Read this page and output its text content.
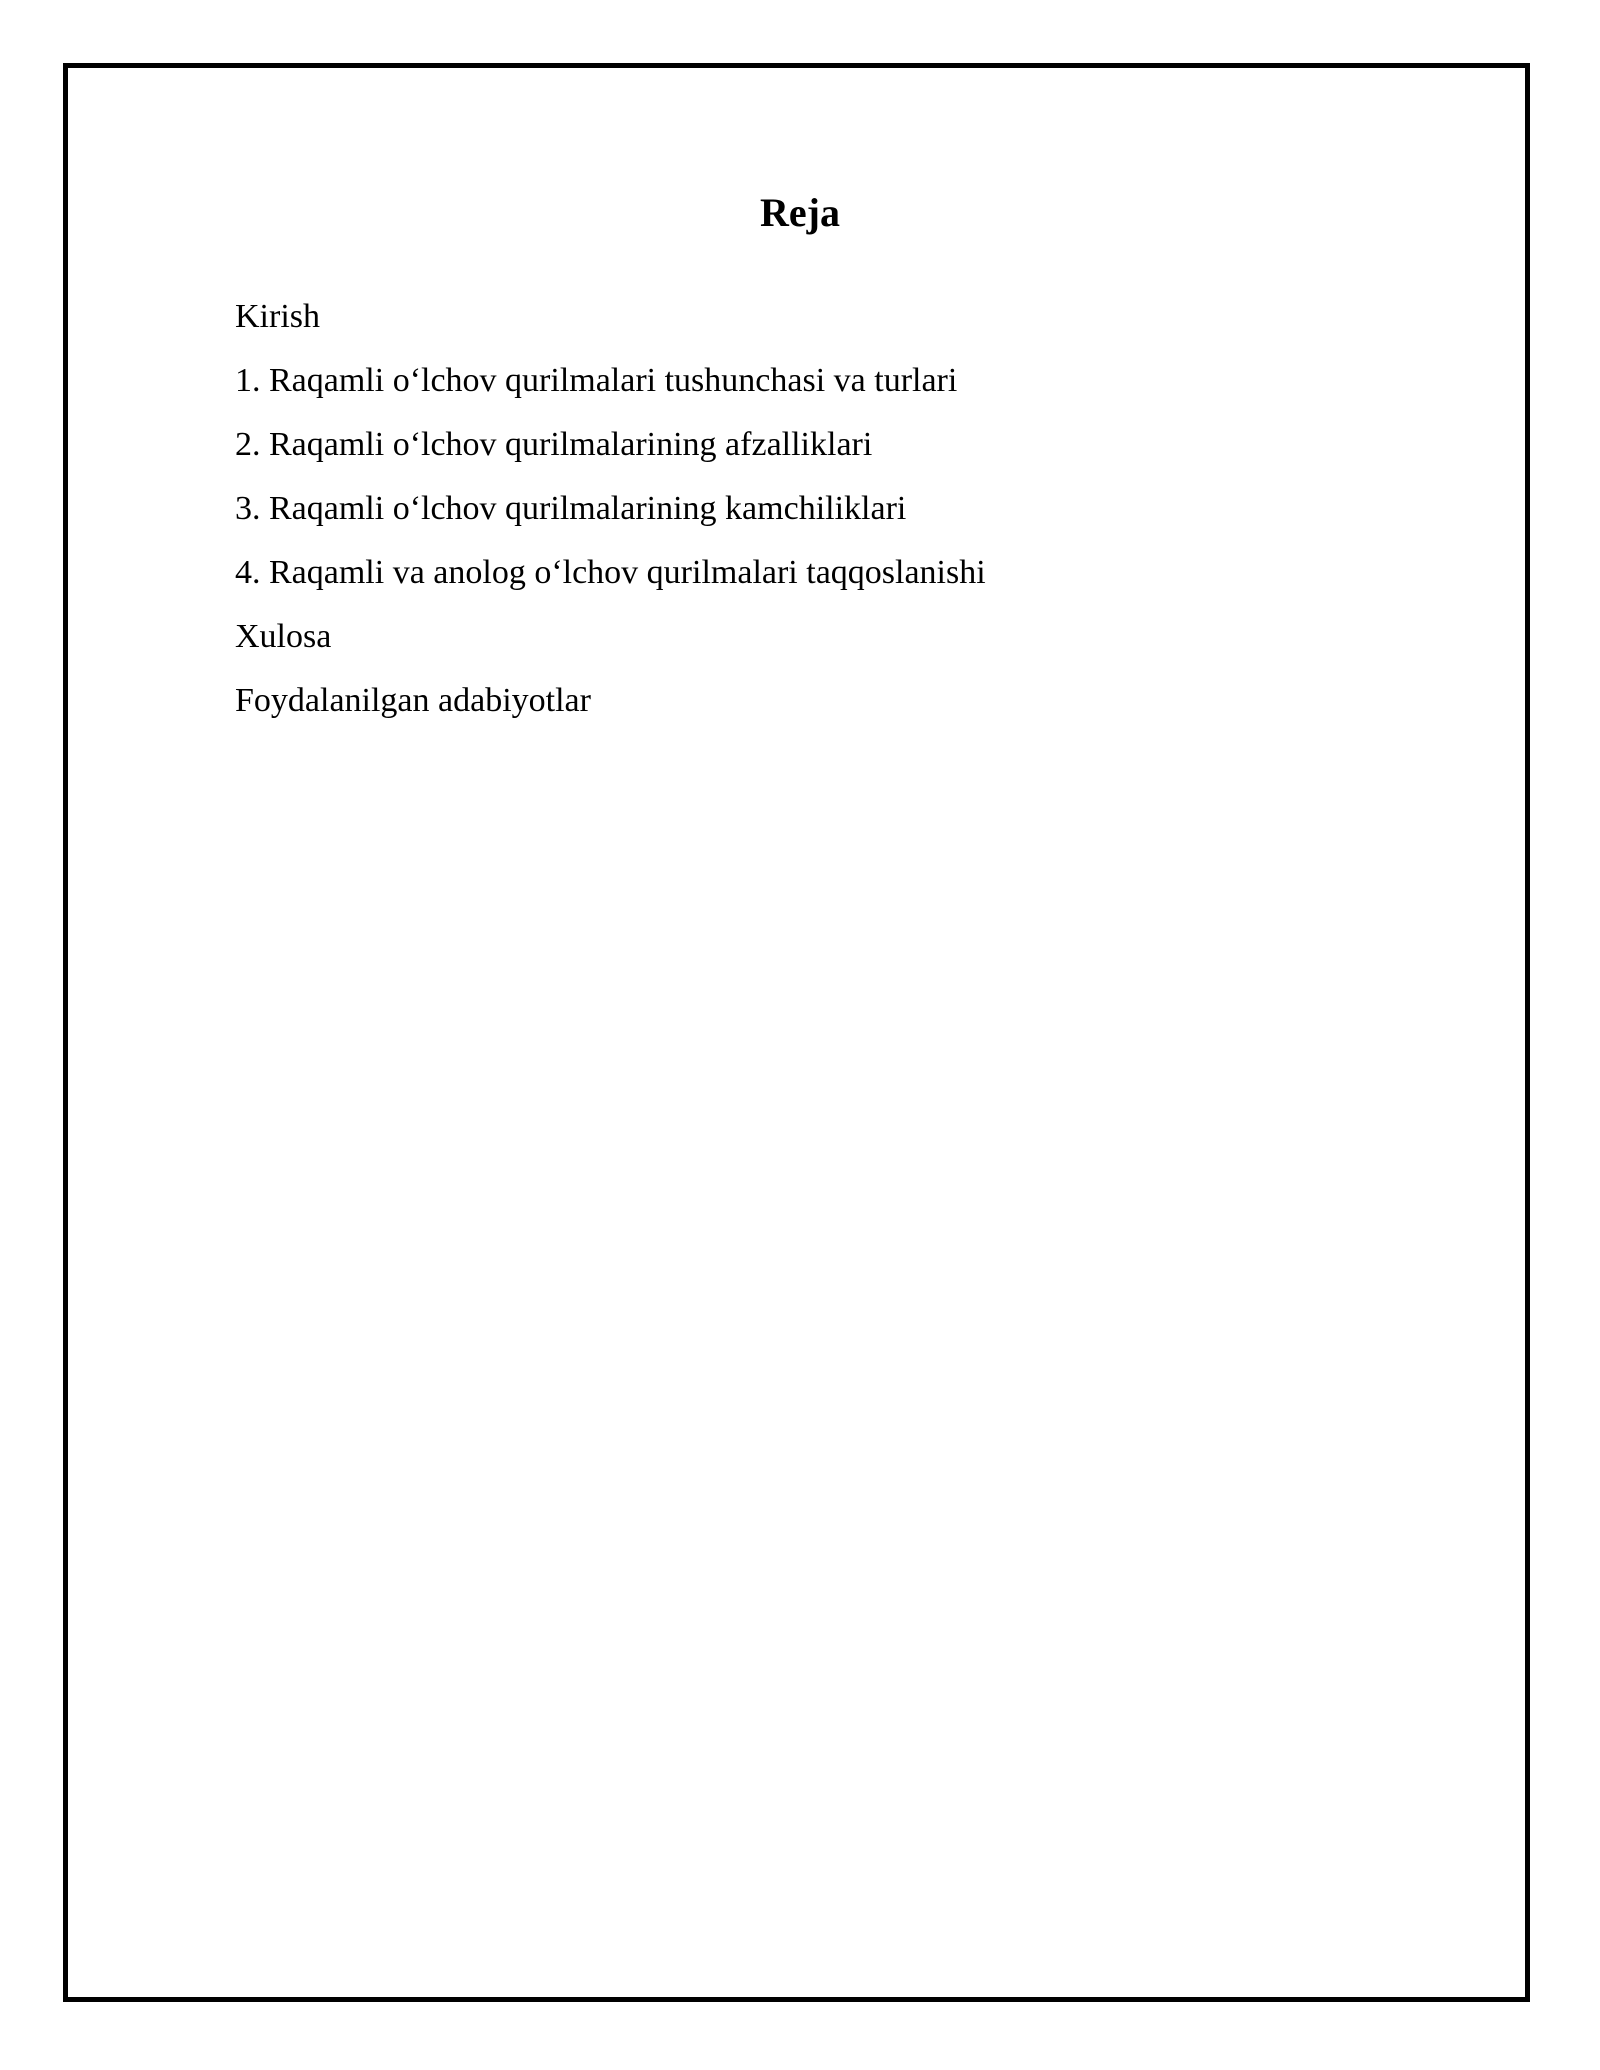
Reja
Kirish
1. Raqamli o‘lchov qurilmalari tushunchasi va turlari
2. Raqamli o‘lchov qurilmalarining afzalliklari
3. Raqamli o‘lchov qurilmalarining kamchiliklari
4. Raqamli va anolog o‘lchov qurilmalari taqqoslanishi
Xulosa
Foydalanilgan adabiyotlar
